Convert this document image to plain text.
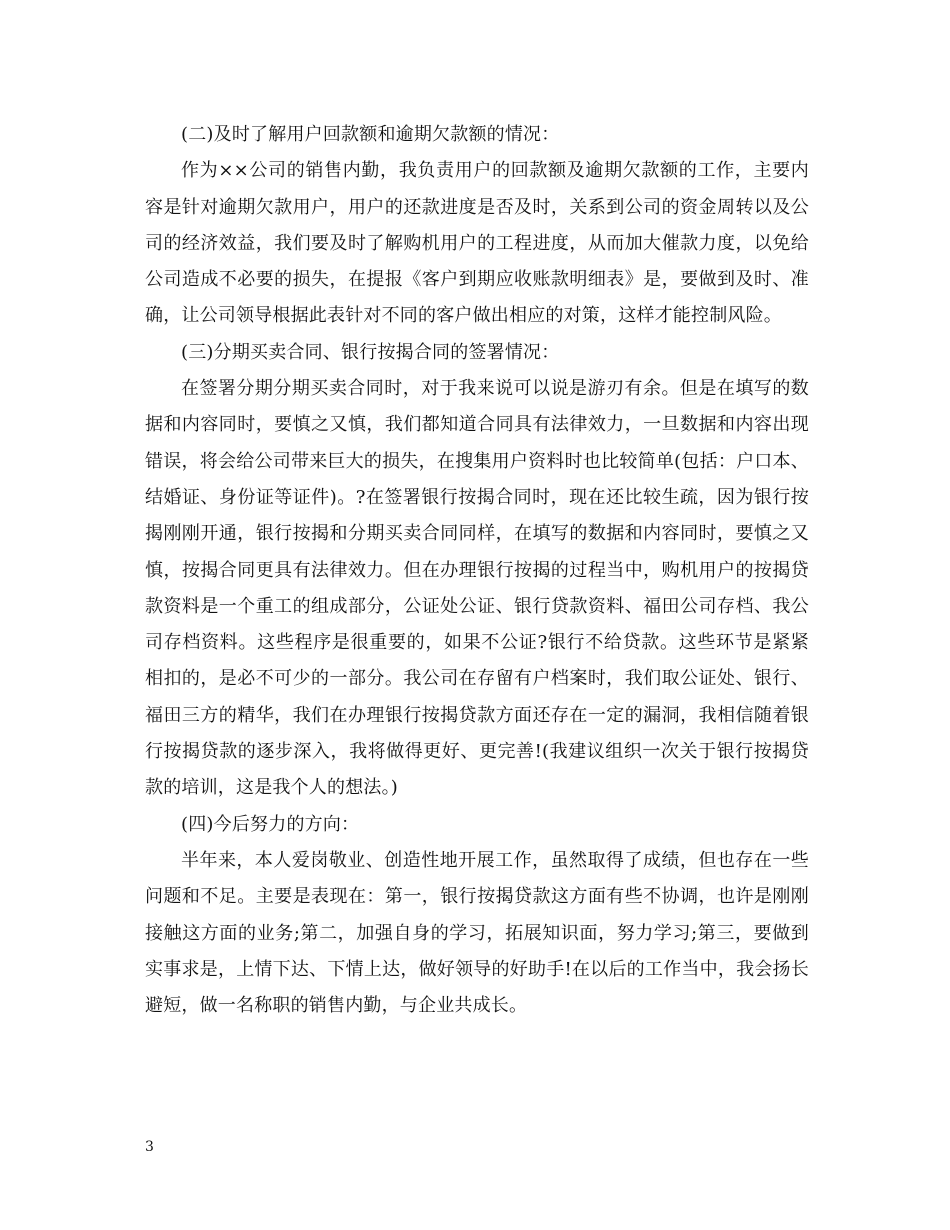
(二)及时了解用户回款额和逾期欠款额的情况：

作为××公司的销售内勤，我负责用户的回款额及逾期欠款额的工作，主要内容是针对逾期欠款用户，用户的还款进度是否及时，关系到公司的资金周转以及公司的经济效益，我们要及时了解购机用户的工程进度，从而加大催款力度，以免给公司造成不必要的损失，在提报《客户到期应收账款明细表》是，要做到及时、准确，让公司领导根据此表针对不同的客户做出相应的对策，这样才能控制风险。

(三)分期买卖合同、银行按揭合同的签署情况：

在签署分期分期买卖合同时，对于我来说可以说是游刃有余。但是在填写的数据和内容同时，要慎之又慎，我们都知道合同具有法律效力，一旦数据和内容出现错误，将会给公司带来巨大的损失，在搜集用户资料时也比较简单(包括：户口本、结婚证、身份证等证件)。?在签署银行按揭合同时，现在还比较生疏，因为银行按揭刚刚开通，银行按揭和分期买卖合同同样，在填写的数据和内容同时，要慎之又慎，按揭合同更具有法律效力。但在办理银行按揭的过程当中，购机用户的按揭贷款资料是一个重工的组成部分，公证处公证、银行贷款资料、福田公司存档、我公司存档资料。这些程序是很重要的，如果不公证?银行不给贷款。这些环节是紧紧相扣的，是必不可少的一部分。我公司在存留有户档案时，我们取公证处、银行、福田三方的精华，我们在办理银行按揭贷款方面还存在一定的漏洞，我相信随着银行按揭贷款的逐步深入，我将做得更好、更完善!(我建议组织一次关于银行按揭贷款的培训，这是我个人的想法。)

(四)今后努力的方向：

半年来，本人爱岗敬业、创造性地开展工作，虽然取得了成绩，但也存在一些问题和不足。主要是表现在：第一，银行按揭贷款这方面有些不协调，也许是刚刚接触这方面的业务;第二，加强自身的学习，拓展知识面，努力学习;第三，要做到实事求是，上情下达、下情上达，做好领导的好助手!在以后的工作当中，我会扬长避短，做一名称职的销售内勤，与企业共成长。

3
